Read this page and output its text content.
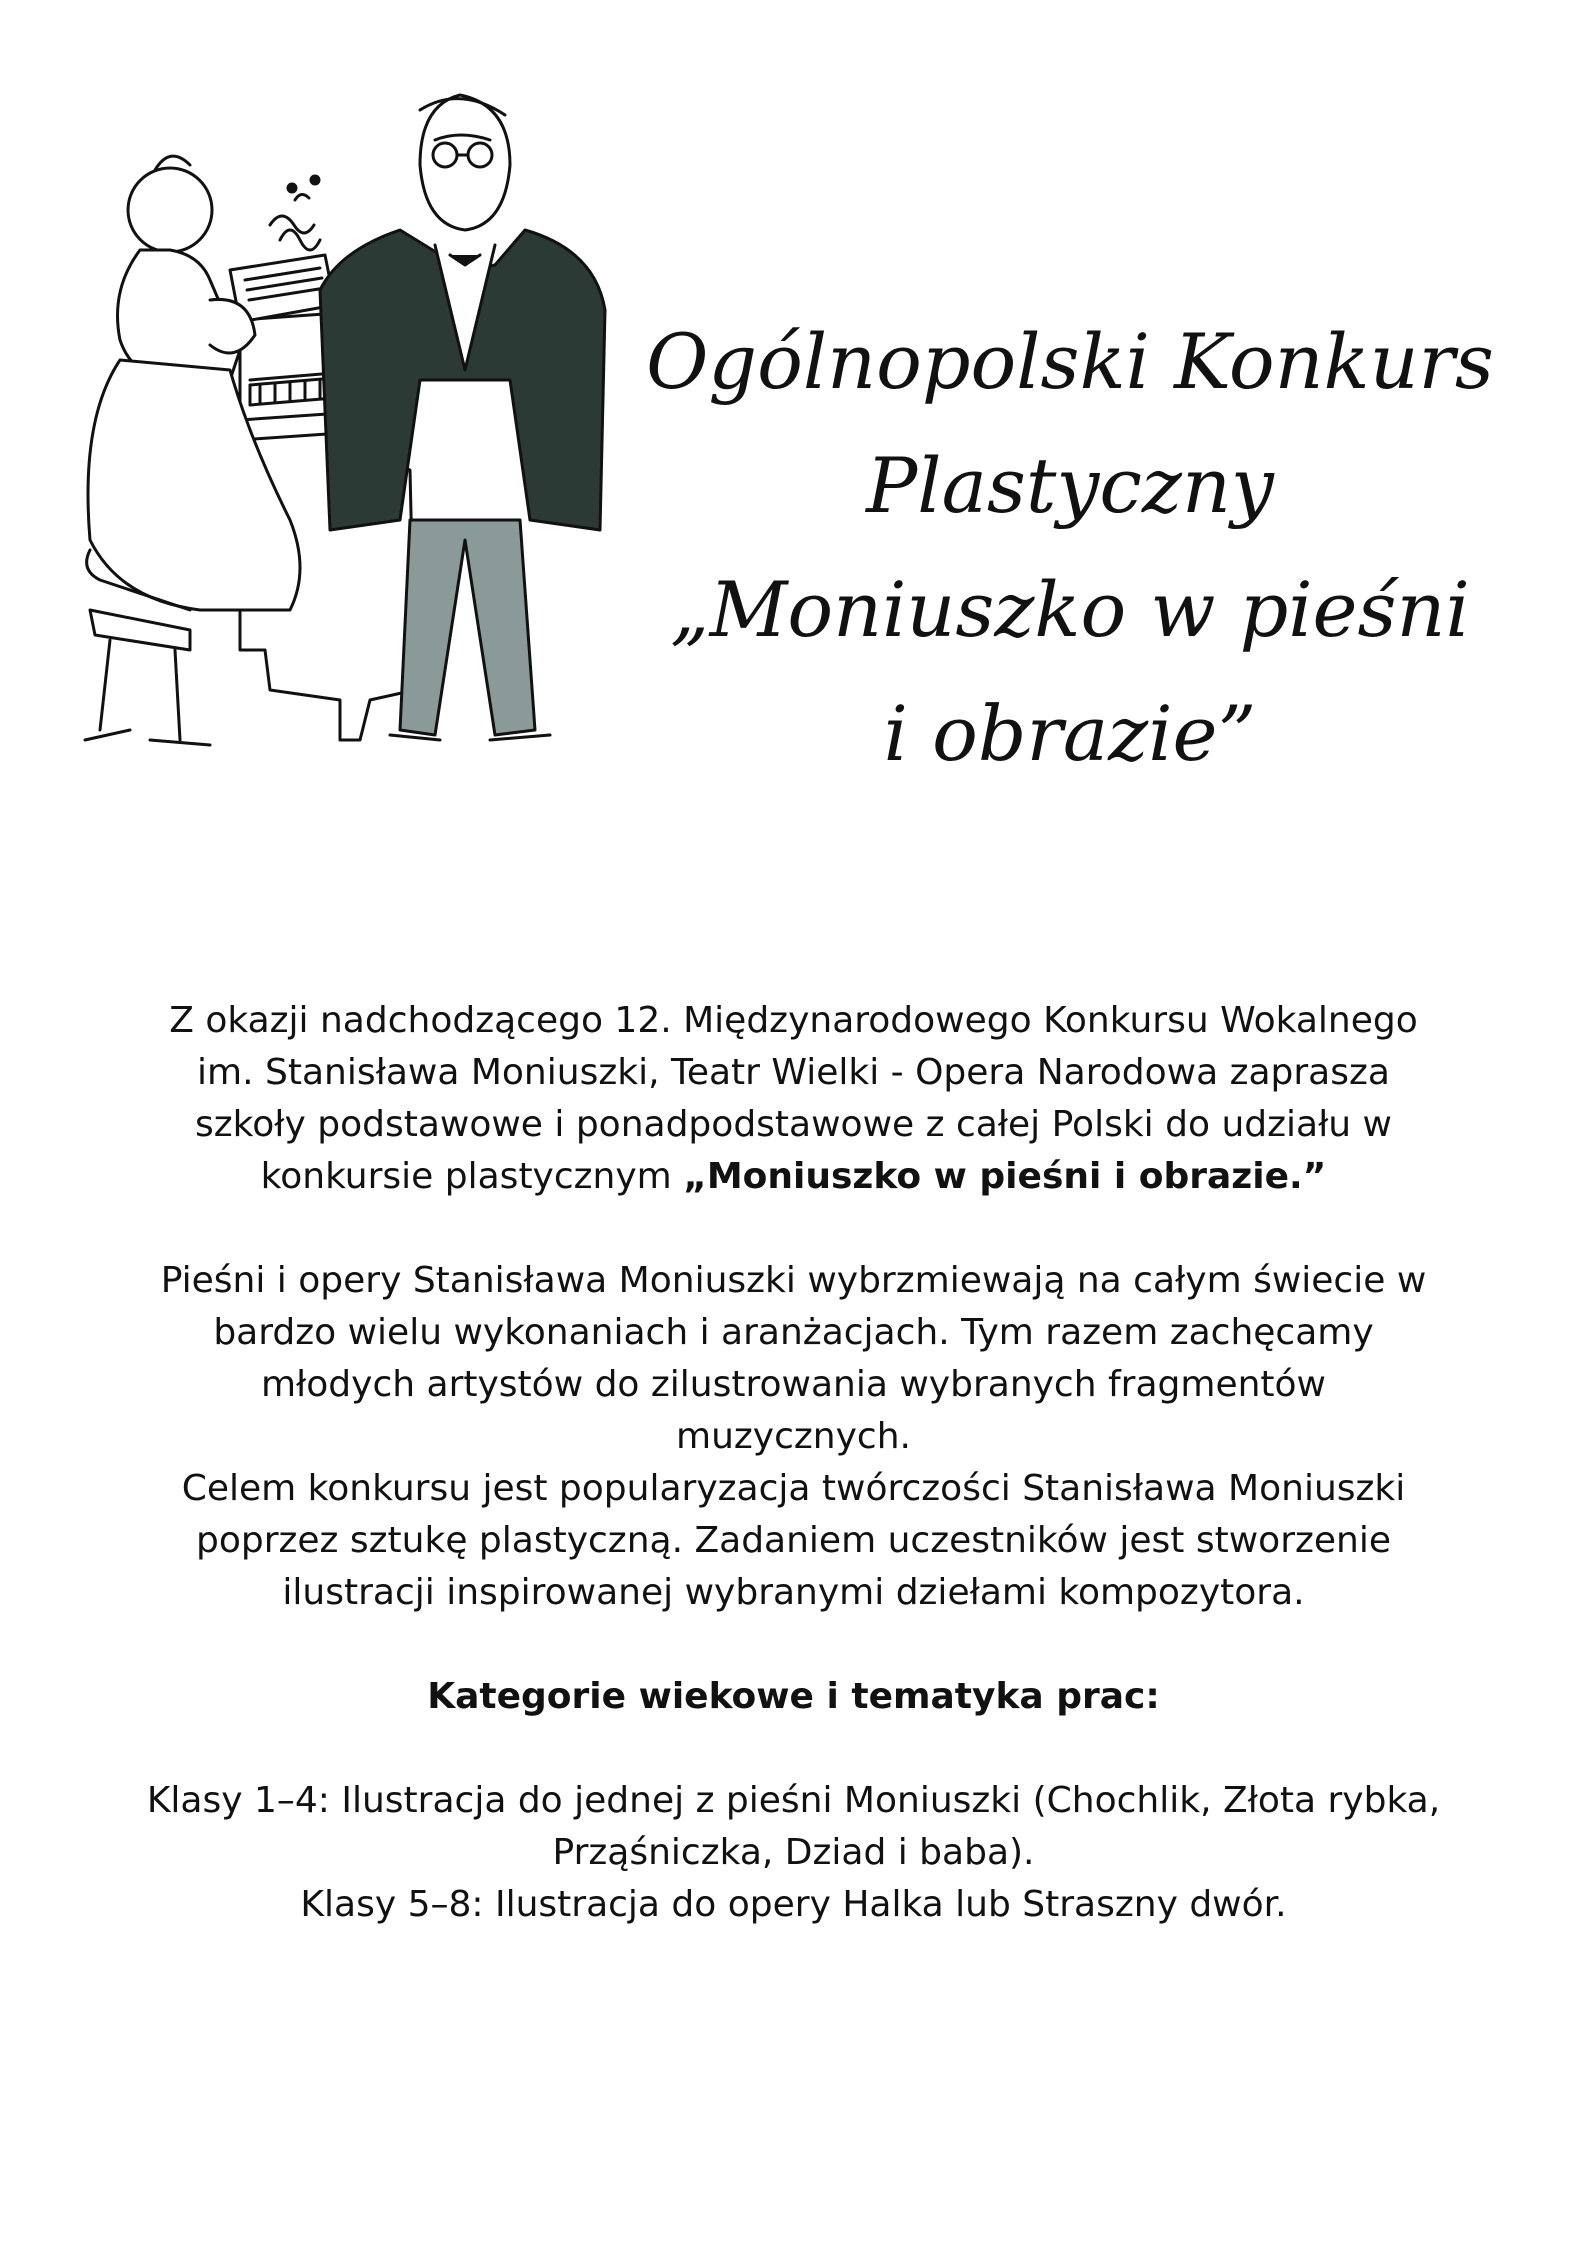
Ogólnopolski Konkurs
Plastyczny
„Moniuszko w pieśni
i obrazie”

Z okazji nadchodzącego 12. Międzynarodowego Konkursu Wokalnego

im. Stanisława Moniuszki, Teatr Wielki - Opera Narodowa zaprasza

szkoły podstawowe i ponadpodstawowe z całej Polski do udziału w

konkursie plastycznym „Moniuszko w pieśni i obrazie.”

Pieśni i opery Stanisława Moniuszki wybrzmiewają na całym świecie w

bardzo wielu wykonaniach i aranżacjach. Tym razem zachęcamy

młodych artystów do zilustrowania wybranych fragmentów

muzycznych.

Celem konkursu jest popularyzacja twórczości Stanisława Moniuszki

poprzez sztukę plastyczną. Zadaniem uczestników jest stworzenie

ilustracji inspirowanej wybranymi dziełami kompozytora.

Kategorie wiekowe i tematyka prac:

Klasy 1–4: Ilustracja do jednej z pieśni Moniuszki (Chochlik, Złota rybka,

Prząśniczka, Dziad i baba).

Klasy 5–8: Ilustracja do opery Halka lub Straszny dwór.
